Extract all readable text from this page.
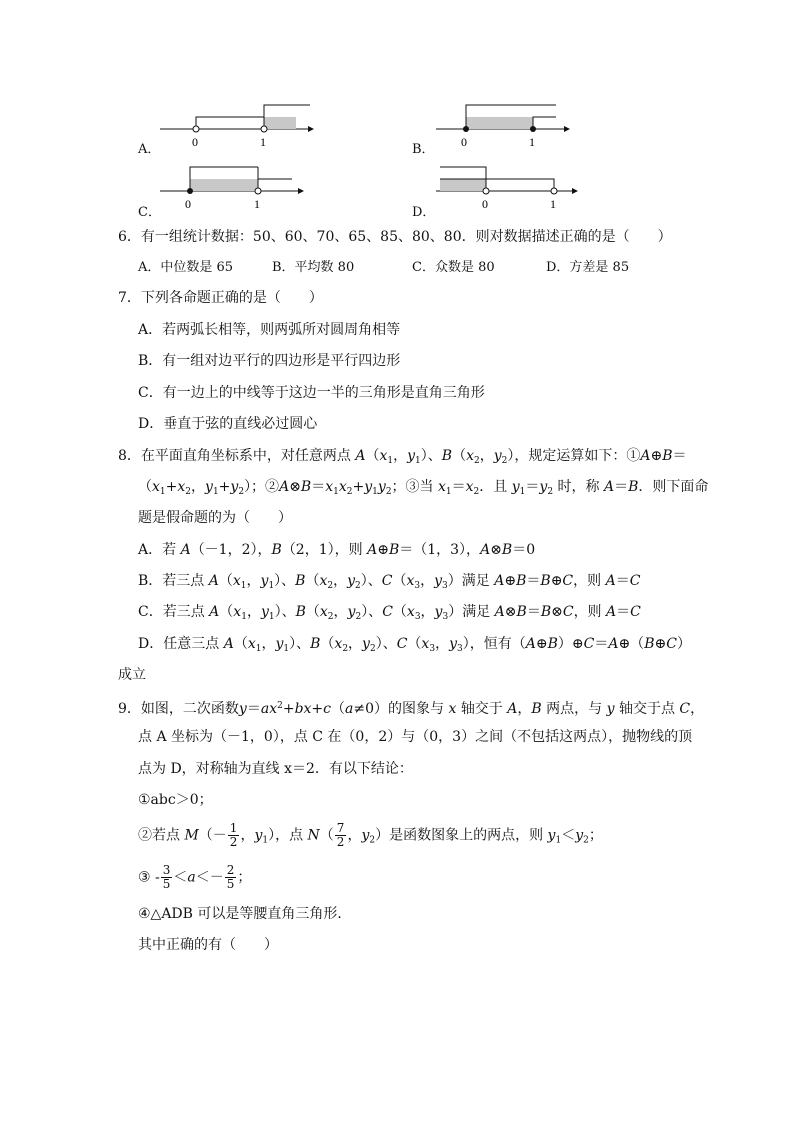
A．	0	1	B． 0	1
C．
0	1
D．
0	1
6．有一组统计数据：50、60、70、65、85、80、80．则对数据描述正确的是（　　）
A．中位数是 65	B．平均数 80	C．众数是 80	D．方差是 85
7．下列各命题正确的是（　　）
A．若两弧长相等，则两弧所对圆周角相等
B．有一组对边平行的四边形是平行四边形
C．有一边上的中线等于这边一半的三角形是直角三角形
D．垂直于弦的直线必过圆心
8．在平面直角坐标系中，对任意两点 $A(x_1$，$y_1$）、$B(x_2$，$y_2$），规定运算如下：①A⊕B＝
（$x_1+x_2$，$y_1+y_2$）；$②A\otimes B=x_1x_2+y_1y_2$；③当 $x_1=x_2$．且 $y_1=y_2$ 时，称 A＝B．则下面命
题是假命题的为（　　）
A．若 A（－1，2），B（2，1），则 A⊕B＝（1，3），A⊗B＝0
B．若三点 $A(x_1$，$y_1$）、$B(x_2$，$y_2$）、$C(x_3$，$y_3$）满足 A⊕B＝B⊕C，则 A＝C
C．若三点 $A(x_1$，$y_1$）、$B(x_2$，$y_2$）、$C(x_3$，$y_3$）满足 A⊗B＝B⊗C，则 A＝C
D．任意三点 $A(x_1$，$y_1$）、$B(x_2$，$y_2$）、$C(x_3$，$y_3$），恒有（A⊕B）⊕C＝A⊕（B⊕C）
成立
9．如图，二次函数$y=ax^2+bx+c(a\ne 0)$的图象与 x 轴交于 A，B 两点，与 y 轴交于点 C，
点 A 坐标为（－1，0），点 C 在（0，2）与（0，3）之间（不包括这两点），抛物线的顶
点为 D，对称轴为直线 x＝2．有以下结论：
①abc＞0；
②若点 $M(- \frac{1}{2}$ ，$y_1$），点 $N( \frac{7}{2}$ ，$y_2$）是函数图象上的两点，则 $y_1<y_2$；
③ - $\frac{3}{5} <a<- \frac{2}{5}$ ；
④△ADB 可以是等腰直角三角形．
其中正确的有（　　）
